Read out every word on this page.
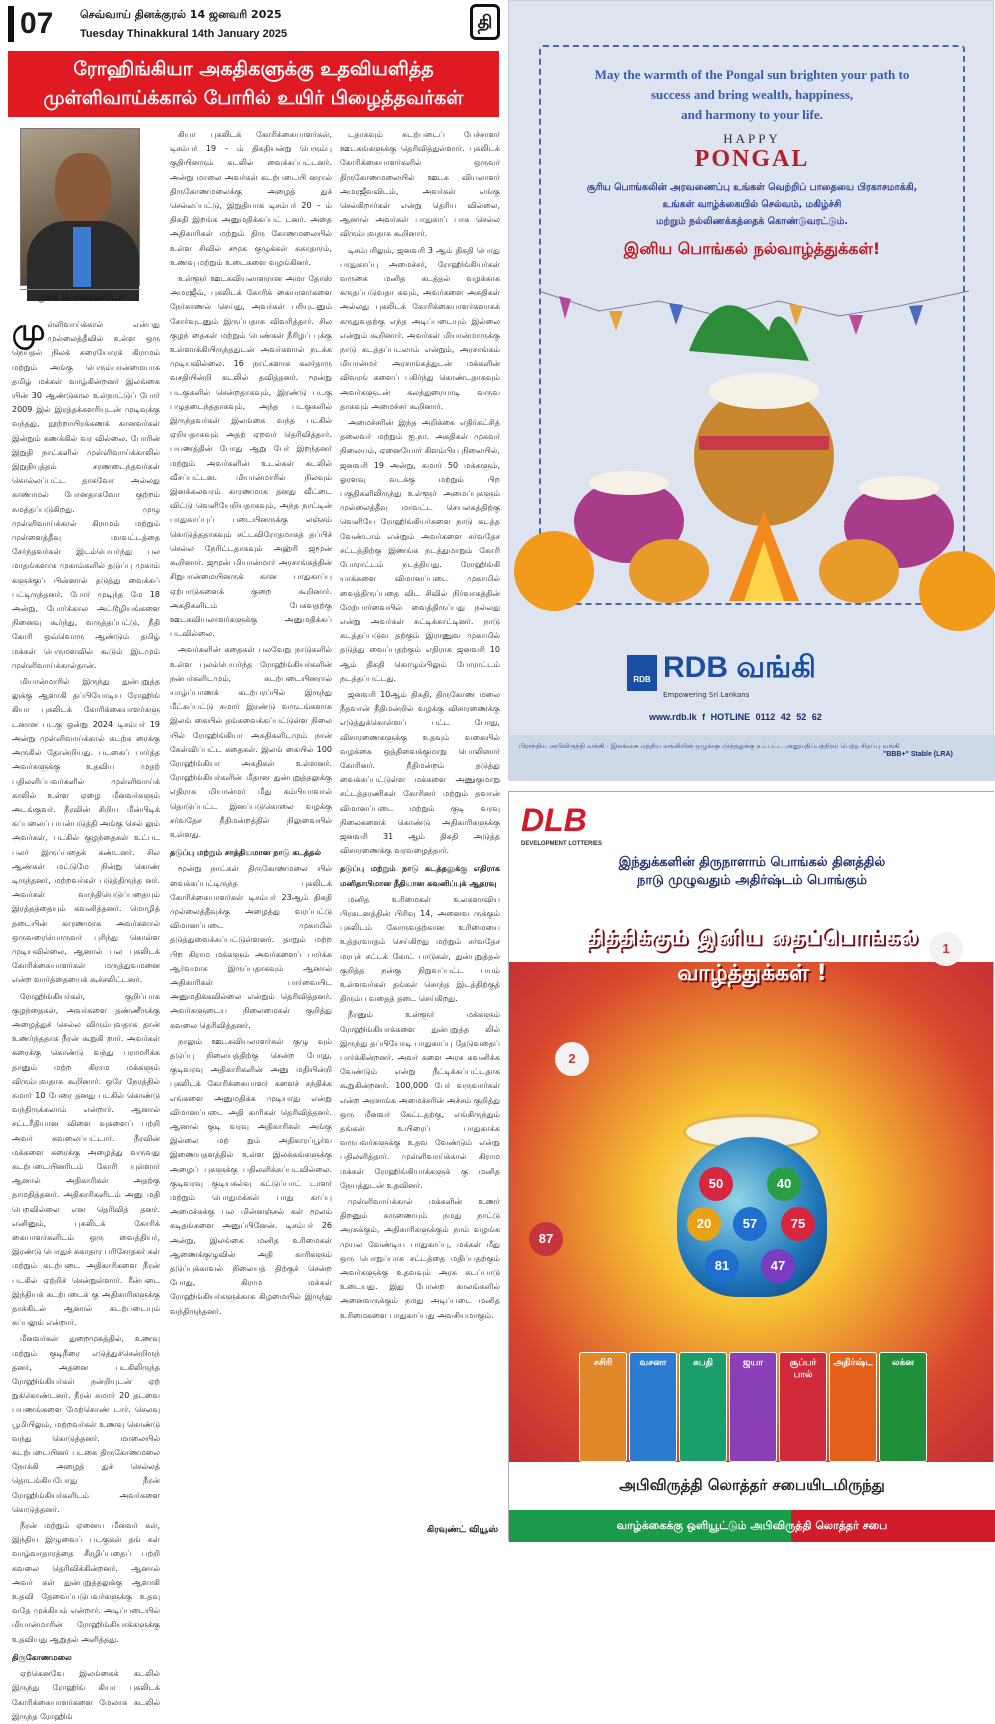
07 செவ்வாய் தினக்குரல் 14 ஜனவரி 2025
Tuesday Thinakkural 14th January 2025
தி
ரோஹிங்கியா அகதிகளுக்கு உதவியளித்த முள்ளிவாய்க்கால் போரில் உயிர் பிழைத்தவர்கள்
ருக்கி பெர்னாண்டோ

முள்ளிவாய்க்கால் என்பது முல்லைத்தீவில் உள்ள ஒரு நெய்தல் நிலக் கரையோரக் கிராமம் மற்றும் அங்கு பெரும்பான்மையாக தமிழ் மக்கள் வாழ்கின்றனர் இலங்கை யின் 30 ஆண்டுகால உள்நாட்டுப் போர் 2009 இல் இரத்தக்களரியுடன் முடிவுக்கு வந்தது, நூற்றாயிரக்கணக் கானவர்கள் இன்றும் கணக்கில் வர வில்லை. போரின் இறுதி நாட்களில் முள்ளிவாய்க்காலில் இறுதியுத்தம் சரணடைந்தவர்கள் கொல்லப்பட்ட தாகவோ அல்லது காணாமல் போனதாகவோ குற்றம் சுமத்தப்படுகிறது. முழு முள்ளிவாய்க்கால் கிராமம் மற்றும் முள்ளைத்தீவு மாவட்டத்தை சேர்ந்தவர்கள் இடம்பெயர்ந்து பல மாதங்களாக முகாம்களில் தடுப்பு முகாம் களுக்குப் பின்னால் தடுத்து வைக்கப் பட்டிருந்தனர். போர் முடிந்த மே 18 அன்று, போர்க்கால அட்டூழியங்களை நினைவு கூர்ந்து, வருத்தப்பட்டு, நீதி கோரி ஒவ்வொரு ஆண்டும் தமிழ் மக்கள் பெருமளவில் கூடும் இடமும் முள்ளிவாய்க்கால்தான்.

மியான்மாரில் இருந்து துன்புறுத்த லுக்கு ஆளாகி தப்பியோடிய ரோஹிங் கியா புகலிடக் கோரிக்கையாளர்களு டனான படகு ஒன்று 2024 டிசம்பர் 19 அன்று முள்ளிவாய்க்கால் கடற்க ரைக்கு அருகில் தோன்றியது. படகைப் பார்த்த அவர்களுக்கு உதவிய முதற் பதிலளிப்பவர்களில் முள்ளிவாய்க் காலில் உள்ள ஏழை மீனவர்களும் அடங்குவர். நீரவின் சிறிய மீன்பிடிக் கப்பலைப் பயன்படுத்தி அங்கு செல் லும் அவர்கள், படகில் குழந்தைகள் உட்பட பலர் இருப்பதைக் கண்டனர். சில ஆண்கள் மட்டுமே நின்று கொண் டிருந்தனர், மற்றவர்கள் படுத்திருந்த னர். அவர்கள் வாந்தியெடுப்பதையும் இரத்தத்தையும் கவனித்தனர். மொழித் தடையின் காரணமாக அவர்களால் ஒருவரையொருவர் புரிந்து கொள்ள முடியவில்லை, ஆனால் பல புகலிடக் கோரிக்கையாளர்கள் மருத்துவமனை என்ற வார்த்தையைக் கூச்சலிட்டனர்.

ரோஹிங்கியர்கள், குறிப்பாக குழந்தைகள், அவர்களை தண்ணீருக்கு அழைத்துச் செல்ல விரும்புவதாக தான் உணர்ந்ததாக நீரன் கூறுகி றார். அவர்கள் கரைக்கு கொண்டு வந்து பராமரிக்க தானும் மற்ற கிராம மக்களும் விரும்புவதாக கூறினார். ஒரே நேரத்தில் சுமார் 10 பேரை தனது படகில் கொண்டு வந்திருக்கலாம் என்றார். ஆனால் சட்டரீதியான விளை வுகளைப் பற்றி அவர் கவலைப்பட்டார். நீரவின் மக்களை கரைக்கு அழைத்து வருவது கடற்படையினரிடம் கோரி யுள்ளார் ஆனால் அதிகாரிகள் அதற்கு தாமதித்தனர். அதிகாரிகளிடம் அனு மதி பெறவில்லை என தெரிவித் தனர். எனினும், புகலிடக் கோரிக் கையாளர்களிடம் ஒரு வைத்தியர், இரண்டு பொதுச் சுகாதார பரிசோதகர் கள் மற்றும் கடற்படை அதிகாரிகளை நீரன் படகில் ஏற்றிச் சென்றுள்ளார். ரீன்படை இந்தியக் கடற்படைக் கு அதிகாரிகளுக்கு தாக்கிடல் ஆனால் கடற்படையும் கப்பலும் என்றார்.

மீனவர்கள் துறைமுகத்தில், உணவு மற்றும் குடிநீரை எடுத்துச்சென்றிருந் தனர், அதனை படகிலிருந்த ரோஹிங்கியர்கள் நன்றியுடன் ஏற் றுக்கொண்டனர். நீரன் சுமார் 20 தடவை பயணங்களை மேற்கொண் டார். செலவு பூமியிலும், மற்றவர்கள் உணவு கொண்டு வந்து கொடுத்தனர். மாலையில் கடற்படையினர் படகை திருகோணமலை நோக்கி அழைத் துச் செல்லத் தொடங்கியபோது நீரன் ரோஹிங்கியர்களிடம் அவர்களை கொடுத்தனர்.

நீரன் மற்றும் ஏனைய மீனவர் கள், இந்திய இழுவைப் படகுகள் தங் கள் வாழ்வாதாரத்தை சீரழிப்பதைப் பற்றி கவலை தெரிவிக்கின்றனர். ஆனால் அவர் கள் துன்புறுத்தலுக்கு ஆளாகி உதவி தேவைப்படுபவர்களுக்கு உதவு வதே முக்கியம் என்றார். அடிப்படையில் மியான்மாரின் ரோஹிங்கியாக்களுக்கு உதவியது ஆறுதல் அளித்தது.

திருகோணமலை

ஏற்கெனவே இலங்கைக் கடலில் இருந்து ரோஹிங் கியா புகலிடக் கோரிக்கையாளர்களை மேலாக கடலில் இருந்த ரோஹிங்

கியா புகலிடக் கோரிக்கையாளர்கள், டிசம்பர் 19 – ம் திகதியன்று பெரும்பு குதியினரும் கடலில் வைக்கப்பட்டனர். அன்று மாலை அவர்கள் கடற்படையி னரால் திருகோணமலைக்கு அழைத் துச் செல்லப்பட்டு, இறுதியாக டிசம்பர் 20 – ம் திகதி இறங்க அனுமதிக்கப்பட் டனர். அதை அதிகாரிகள் மற்றும் திரு கோணமலையில் உள்ள சிவில் சமூக குழுக்கள் சுகாதாரம், உணவு மற்றும் உடைகளை வழங்கினர்.

உள்ளூர் ஊடகவியலாளரான அமா தோஸ் அமரஜீவ், புகலிடக் கோரிக் கையாளர்களை நேர்காணல் செய்து, அவர்கள் பரியுடனும் சோர்வுடனும் இருப்பதாக விவரித்தார். சில குழந் தைகள் மற்றும் பெண்கள் நீரிழப் புக்கு உள்ளாக்கியிருந்ததுடன் அவர்களால் நடக்க முடியவில்லை. 16 நாட்களாக கலர்தாரு வசதியின்றி கடலில் தவித்தனர். மூன்று படகுகளில் சென்றதாகவும், இரண்டு படகு பழுதடைந்ததாகவும், அந்த படகுகளில் இருந்தவர்கள் இலங்கை வந்த படகில் ஏறியதாகவும் அதற் ஏறவர் தெரிவித்தார். பயணத்தின் போது ஆறு பேர் இறந்தனர் மற்றும் அவர்களின் உடல்கள் கடலில் வீசப்பட்டன. மியான்மாரில் நிலவும் இனக்கலவரம் காரணமாக தனது வீட்டை விட்டு வெளியேறியதாகவும், அந்த நாட்டின் பாதுகாப்புப் படையினருக்கு லஞ்சம் கொடுத்ததாகவும் சட்டவிரோதமாகத் தப்பிச் செல்ல நேரிட்டதாகவும் அஹ்ரி ஜமூன் கூறினார். ஜமூன் மியான்மார் அரசாங்கத்தின் சிறுபான்மையினருக் கான பாதுகாப்பு ஏற்பாடுகளைக் குறை கூறினார். அகதிகளிடம் பேசுவதற்கு ஊடகவியலாளர்களுக்கு அனுமதிக்கப் படவில்லை.

அவர்களின் கதைகள் பலவேறு நாடுகளில் உள்ள புலம்பெயர்ந்த ரோஹிங்கியர்களின் நன்பர்களிடமும், கடற்படையினரால் யாழ்ப்பாணக் கடற்பரப்பில் இருந்து மீட்கப்பட்டு சுமார் இரண்டு வருடங்களாக இலங் கையில் தங்கவைக்கப்பட்டுள்ள நிலை யில் ரோஹிங்கியா அகதிகளிடமும் நான் கேள்விப்பட்ட கதைகள். இலங் கையில் 100 ரோஹிங்கியா அகதிகள் உள்ளனர். ரோஹிங்கியர்களின் மீதான துன்புறுத்தலுக்கு எதிராக மியான்மர் மீது கம்பியாவால் தொடுப்பட்ட இனப்படுகொலை வழக்கு சர்வதேச நீதிமன்றத்தில் நிலுவையில் உள்ளது.

தடுப்பு மற்றும் சாத்தியமான நாடு கடத்தல்

மூன்று நாட்கள் திருகோணமலை யில் வைக்கப்பட்டிருந்த புகலிடக் கோரிக்கையாளர்கள் டிசம்பர் 23ஆம் திகதி முல்லைத்தீவுக்கு அழைத்து வரப்பட்டு விமானப்படை முகாமில் தடுத்துவைக்கப்பட்டுள்ளனர். தாறும் மற்ற பிற கிராம மக்களும் அவர்களைப் பார்க்க ஆர்வமாக இருப்பதாகவும் ஆனால் அதிகாரிகள் பார்வையிட அனுமதிக்கவில்லை என்றும் தெரிவித்தனர். அவர்களுடைய நிலைமைகள் குறித்து கவலை தெரிவித்தனர்.

நாலும் ஊடகவியலாளர்கள் குழு வும் தடுப்பு நிலையத்திற்கு சென்ற போது, குடிவரவு அதிகாரிகளின் அனு மதியின்றி புகலிடக் கோரிக்கையாளர் களைச் சந்திக்க எங்களை அனுமதிக்க முடியாது என்று விமானப்படை அதி காரிகள் தெரிவித்தனர். ஆனால் குடி வரவு அதிகாரிகள் அங்கு இல்லை மற் றும் அதிகாரப்பூர்வ இணையதளத்தில் உள்ள இலக்கங்களுக்கு அழைப் புகளுக்கு பதிலளிக்கப்படவில்லை. குடிவரவு குடியகல்வு கட்டுப்பாட் டாளர் மற்றும் பொதுமக்கள் பாது காப்பு அமைச்சுக்கு பல மின்னஞ்சல் கள் மூலம் கடிதங்களை அனுப்பினேன். டிசம்பர் 26 அன்று, இலங்கை மனித உரிமைகள் ஆணைக்குழுவின் அதி காரிகளும் தடுப்புக்காவல் நிலையத் திற்குச் சென்ற போது, கிராம மக்கள் ரோஹிங்கியர்களுக்காக கிழமையில் இருந்து வந்திருந்தனர்.

டதாகவும் கடற்படைப் பேச்சாளர் ஊடகங்களுக்கு தெரிவித்துள்ளார். புகலிடக் கோரிக்கையாளர்களில் ஒருவர் திருகோணமலையில் ஊடக வியலாளர் அமரஜீவவிடம், அவர்கள் எங்கு செல்கிறார்கள் என்று தெரிய வில்லை, ஆனால் அவர்கள் பாதுகாப் பாக செல்ல விரும்புவதாக கூறினார்.

டிசம்பரிலும், ஜனவரி 3 ஆம் திகதி பொது பாதுகாப்பு அமைச்சர், ரோஹிங்கியர்கள் வருகை மனித கடத்தல் வழக்காக கருதப்படுவதா கவும், அவர்களை அகதிகள் அல்லது புகலிடக் கோரிக்கையாளர்களாகக் கருதுவதற்கு எந்த அடிப்படையும் இல்லை என்றும் கூறினார். அவர்கள் மியான்மாருக்கு நாடு கடத்தப்படலாம் என்றும், அரசாங்கம் மியான்மர் அரசாங்கத்துடன் மக்களின் விவரங் களைப் பகிர்ந்து கொண்டதாகவும் அவர்களுடன் கலந்துரையாடி வருவ தாகவும் அமைச்சர் கூறினார்.

அமைச்சரின் இந்த அறிக்கை எதிர்கட்சித் தலைவர் மற்றும் ஐ.நா. அகதிகள் முகவர் நிலையம், ஏனையோர் கிளம்பிய நிலையில், ஜனவரி 19 அன்று, சுமார் 50 மக்களும், ஓரளவு வடக்கு மற்றும் பிற பகுதிகளிலிருந்து உள்ளூர் அமைப்புகளும் முல்லைத்தீவு மாவட்ட செயலகத்திற்கு வெளியே ரோஹிங்கியர்களை நாடு கடத்த வேண்டாம் என்றும் அவர்களை சர்வதேச சட்டத்திற்கு இணங்க நடத்துமாறும் கோரி போராட்டம் நடத்தியது. ரோஹிங்கி யாக்களை விமானப்படை முகாமில் வைத்திருப்பதை விட சிவில் நிர்வாகத்தின் மேற்பார்வையில் வைத்திருப்பது நல்லது என்று அவர்கள் சுட்டிக்காட்டினர். நாடு கடத்தப்படுவ தற்கும் இராணுவ முகாமில் தடுத்து வைப்பதற்கும் எதிராக ஜனவரி 10 ஆம் திகதி கொழும்பிலும் போராட்டம் நடத்தப்பட்டது.

ஜனவரி 10ஆம் திகதி, திருகோண மலை நீதவான் நீதிமன்றில் வழக்கு விசாரணைக்கு எடுத்துக்கொள்ளப் பட்ட போது, விசாரணைகளுக்கு உதவும் வகையில் வழக்கை ஒத்திவைக்குமாறு பொலிஸார் கோரினர். நீதிமன்றம் தடுத்து வைக்கப்பட்டுள்ள மக்களை அணுகுமாறு சட்டத்தரணிகள் கோரினர் மற்றும் தவான் விமானப்படை மற்றும் குடி வரவு நிலைகளைக் கொண்டு அதிகாரிகளுக்கு ஜனவரி 31 ஆம் திகதி அடுத்த விசாரணைக்கு வரவழைத்தார்.

தடுப்பு மற்றும் நாடு கடத்தலுக்கு எதிராக மனிதாபிமான நீதியான கவனிப்புக் ஆதரவு

மனித உரிமைகள் உலகளாவிய பிரகடனத்தின் பிரிவு 14, அனைவ ருக்கும் புகலிடம் கோருவதற்கான உரிமையை உத்தரவாதம் செய்கிறது மற்றும் சர்வதேச மரபுச் சட்டக் கோட் பாடுகள், துன்புறுத்தல் குறித்த நன்கு நிறுவப்பட்ட பயம் உள்ளவர்கள் தங்கள் சொந்த இடத்திற்குத் திரும்ப வதைத் தடை செய்கிறது.

நீரனும் உள்ளூர் மக்களும் ரோஹிங்கியாக்களை துன்புறுத்த லில் இருந்து தப்பியோடி பாதுகாப்பு தேடுவதைப் பார்க்கின்றனர். அவர் களை அரசு கவனிக்க வேண்டும் என்று நீட்டிக்கப்பட்டதாக கூறுகின்றனர். 100,000 பேர் வருவார்கள் என்ற அரசாங்க அமைச்சரின் அச்சம் குறித்து ஒரு மீனவர் கேட்டதற்கு, எங்கிருந்தும் தங்கள் உயிரைப் பாதுகாக்க வருபவர்களுக்கு உதவ வேண்டும் என்று பதிலளித்தார். முள்ளிவாய்க்கால் கிராம மக்கள் ரோஹிங்கியாக்களுக் கு மனித நேயத்துடன் உதவினர்.

முள்ளிவாய்க்கால் மக்களின் உணர் திறனும் கருணையும் நமது நாட்டு அரசுக்கும், அதிகாரிகளுக்கும் நாம் வழங்க முயல வேண்டிய பாதுகாப்பு, மக்கள் மீது ஒரு பொறுப்பாக சட்டத்தை மதிப்பதற்கும் அவர்களுக்கு உதவவும் அரசு கடப்பாடு உடையது. இது போன்ற காலங்களில் அனைவருக்கும் நமது அடிப்படை மனித உரிமைகளை பாதுகாப்பது அவசியமாகும்.

கிரவுண்ட் வியூஸ்
May the warmth of the Pongal sun brighten your path to
success and bring wealth, happiness,
and harmony to your life.
HAPPY
PONGAL
சூரிய பொங்கலின் அரவணைப்பு உங்கள் வெற்றிப் பாதையை பிரகாசமாக்கி,
உங்கள் வாழ்க்கையில் செல்வம், மகிழ்ச்சி
மற்றும் நல்லிணக்கத்தைக் கொண்டுவரட்டும்.
இனிய பொங்கல் நல்வாழ்த்துக்கள்!
RDB RDB வங்கி
Empowering Sri Lankans
www.rdb.lk f HOTLINE 0112 42 52 62
பிராந்திய அபிவிருத்தி வங்கி - இலங்கை மத்திய வங்கியின் ஒழுங்குபடுத்தலுக்கு உட்பட்ட அனுமதிப்பத்திரம் பெற்ற சிறப்பு வங்கி
"BBB+" Stable (LRA)
DLB
DEVELOPMENT LOTTERIES
இந்துக்களின் திருநாளாம் பொங்கல் தினத்தில்
நாடு முழுவதும் அதிர்ஷ்டம் பொங்கும்
தித்திக்கும் இனிய தைப்பொங்கல் வாழ்த்துக்கள் !
50	40
20	57	75
81	47
87
2
1
சசிரி	வசனா	சுபதி	ஜயா	சூப்பர் பால்
அதிர்ஷ்ட	லக்ன
அபிவிருத்தி லொத்தர் சபையிடமிருந்து
வாழ்க்கைக்கு ஒளியூட்டும் அபிவிருத்தி லொத்தர் சபை
